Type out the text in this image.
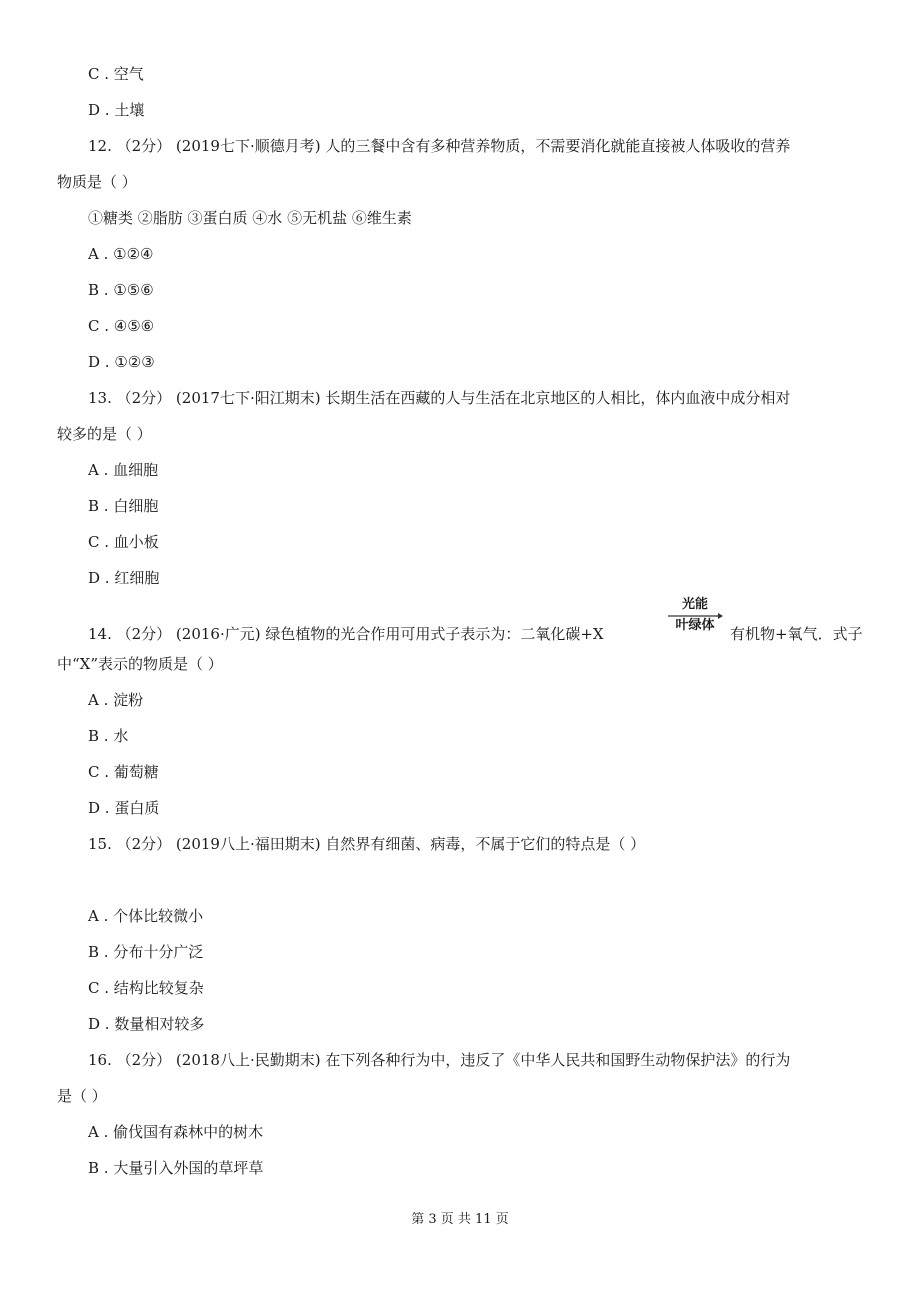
C . 空气
D . 土壤
12. （2分） (2019七下·顺德月考) 人的三餐中含有多种营养物质，不需要消化就能直接被人体吸收的营养
物质是（ ）
①糖类 ②脂肪 ③蛋白质 ④水 ⑤无机盐 ⑥维生素
A . ①②④
B . ①⑤⑥
C . ④⑤⑥
D . ①②③
13. （2分） (2017七下·阳江期末) 长期生活在西藏的人与生活在北京地区的人相比，体内血液中成分相对
较多的是（ ）
A . 血细胞
B . 白细胞
C . 血小板
D . 红细胞
14. （2分） (2016·广元) 绿色植物的光合作用可用式子表示为：二氧化碳+X
光能
叶绿体	有机物+氧气．式子
中“X”表示的物质是（ ）
A . 淀粉
B . 水
C . 葡萄糖
D . 蛋白质
15. （2分） (2019八上·福田期末) 自然界有细菌、病毒，不属于它们的特点是（ ）
A . 个体比较微小
B . 分布十分广泛
C . 结构比较复杂
D . 数量相对较多
16. （2分） (2018八上·民勤期末) 在下列各种行为中，违反了《中华人民共和国野生动物保护法》的行为
是（ ）
A . 偷伐国有森林中的树木
B . 大量引入外国的草坪草
第 3 页 共 11 页
